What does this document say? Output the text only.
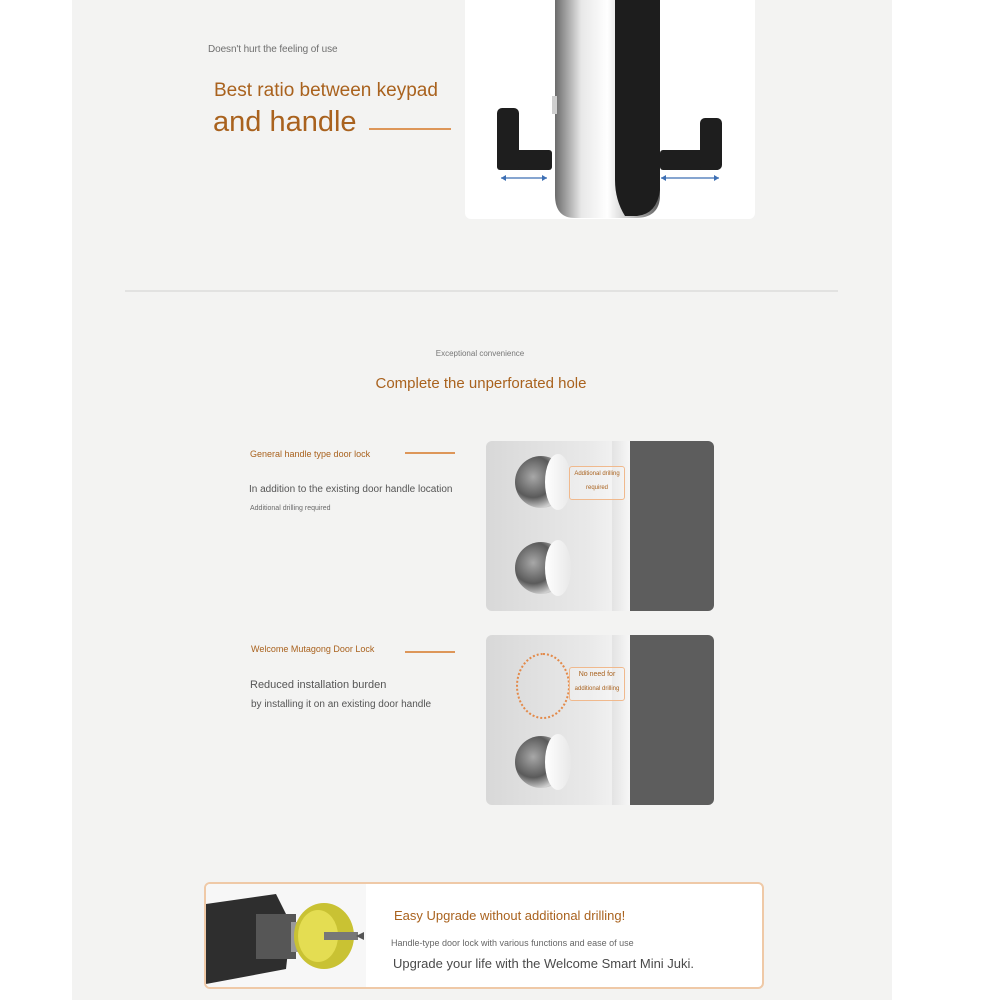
Doesn't hurt the feeling of use
Best ratio between keypad
and handle
Exceptional convenience
Complete the unperforated hole
General handle type door lock
In addition to the existing door handle location
Additional drilling required
Additional drilling
required
Welcome Mutagong Door Lock
Reduced installation burden
by installing it on an existing door handle
No need for
additional drilling
Easy Upgrade without additional drilling!
Handle-type door lock with various functions and ease of use
Upgrade your life with the Welcome Smart Mini Juki.
